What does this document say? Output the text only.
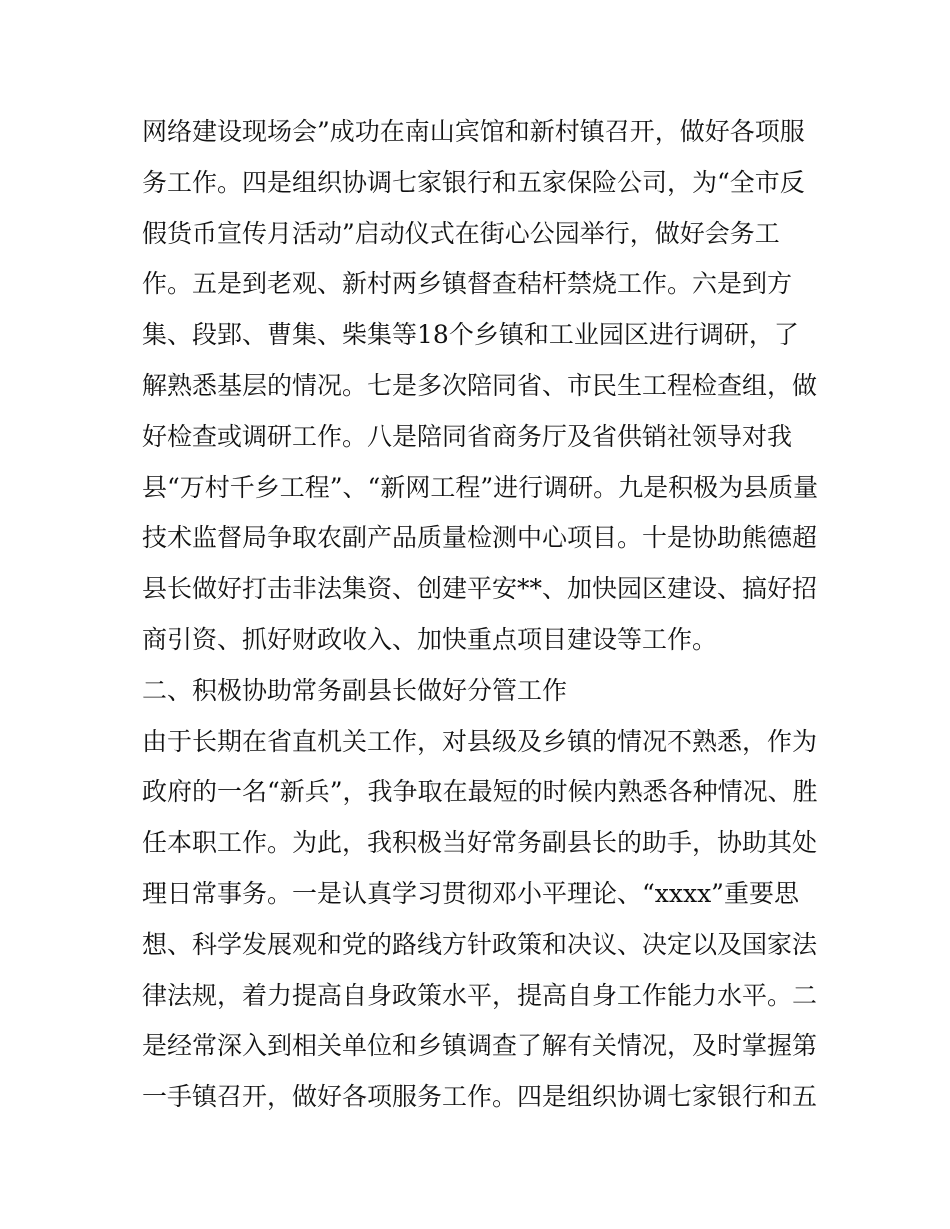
网络建设现场会”成功在南山宾馆和新村镇召开，做好各项服
务工作。四是组织协调七家银行和五家保险公司，为“全市反
假货币宣传月活动”启动仪式在街心公园举行，做好会务工
作。五是到老观、新村两乡镇督查秸杆禁烧工作。六是到方
集、段郢、曹集、柴集等18个乡镇和工业园区进行调研，了
解熟悉基层的情况。七是多次陪同省、市民生工程检查组，做
好检查或调研工作。八是陪同省商务厅及省供销社领导对我
县“万村千乡工程”、“新网工程”进行调研。九是积极为县质量
技术监督局争取农副产品质量检测中心项目。十是协助熊德超
县长做好打击非法集资、创建平安**、加快园区建设、搞好招
商引资、抓好财政收入、加快重点项目建设等工作。
二、积极协助常务副县长做好分管工作
由于长期在省直机关工作，对县级及乡镇的情况不熟悉，作为
政府的一名“新兵”，我争取在最短的时候内熟悉各种情况、胜
任本职工作。为此，我积极当好常务副县长的助手，协助其处
理日常事务。一是认真学习贯彻邓小平理论、“xxxx”重要思
想、科学发展观和党的路线方针政策和决议、决定以及国家法
律法规，着力提高自身政策水平，提高自身工作能力水平。二
是经常深入到相关单位和乡镇调查了解有关情况，及时掌握第
一手镇召开，做好各项服务工作。四是组织协调七家银行和五
